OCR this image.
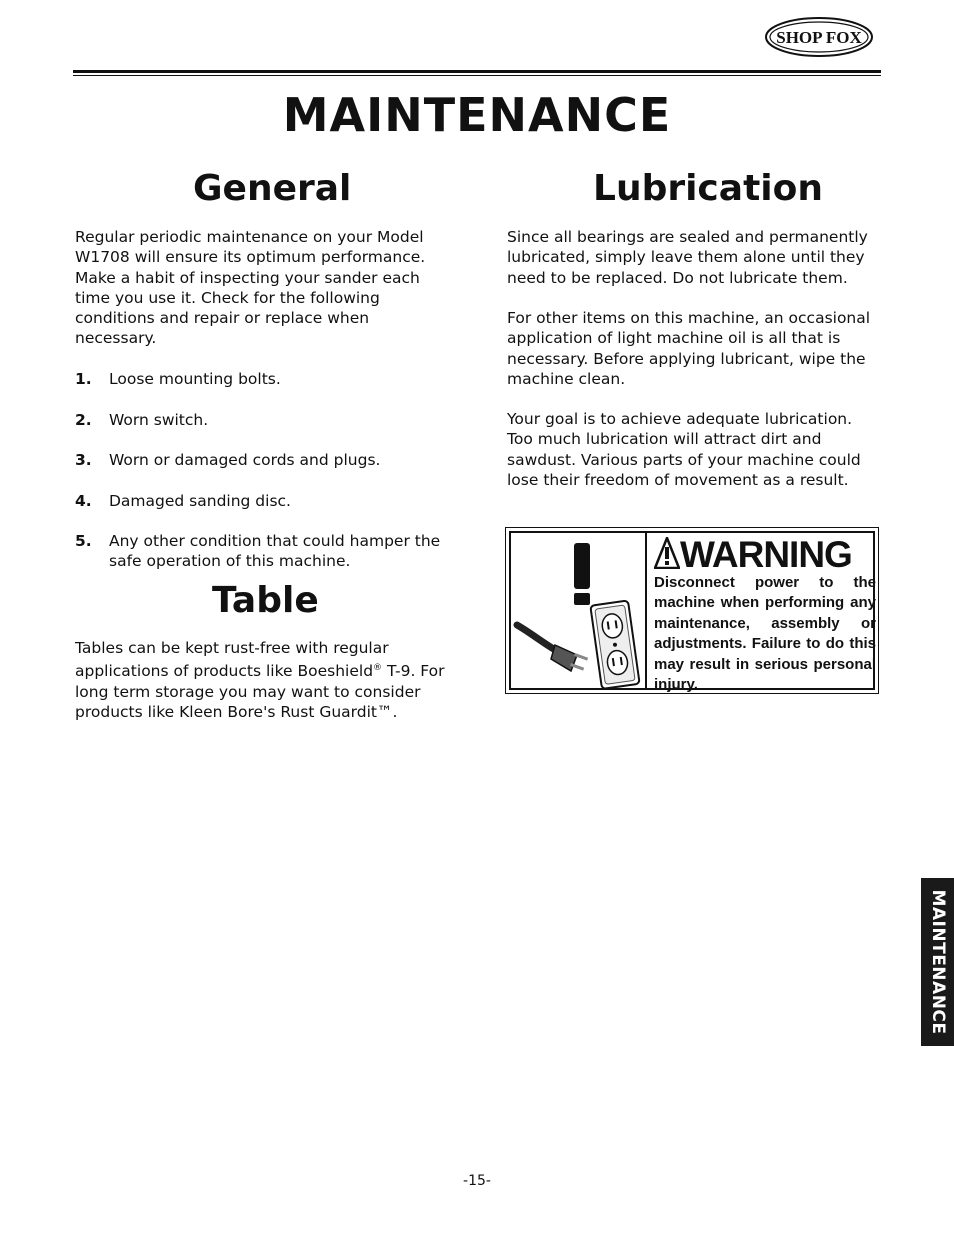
SHOP FOX
MAINTENANCE
General

Regular periodic maintenance on your Model W1708 will ensure its optimum performance. Make a habit of inspecting your sander each time you use it. Check for the following conditions and repair or replace when necessary.

1. Loose mounting bolts.
2. Worn switch.
3. Worn or damaged cords and plugs.
4. Damaged sanding disc.
5. Any other condition that could hamper the safe operation of this machine.
Table

Tables can be kept rust-free with regular applications of products like Boeshield® T-9. For long term storage you may want to consider products like Kleen Bore's Rust Guardit™.

Lubrication

Since all bearings are sealed and permanently lubricated, simply leave them alone until they need to be replaced. Do not lubricate them.

For other items on this machine, an occasional application of light machine oil is all that is necessary. Before applying lubricant, wipe the machine clean.

Your goal is to achieve adequate lubrication. Too much lubrication will attract dirt and sawdust. Various parts of your machine could lose their freedom of movement as a result.

WARNING
Disconnect power to the machine when performing any maintenance, assembly or adjustments. Failure to do this may result in serious personal injury.
MAINTENANCE
-15-
